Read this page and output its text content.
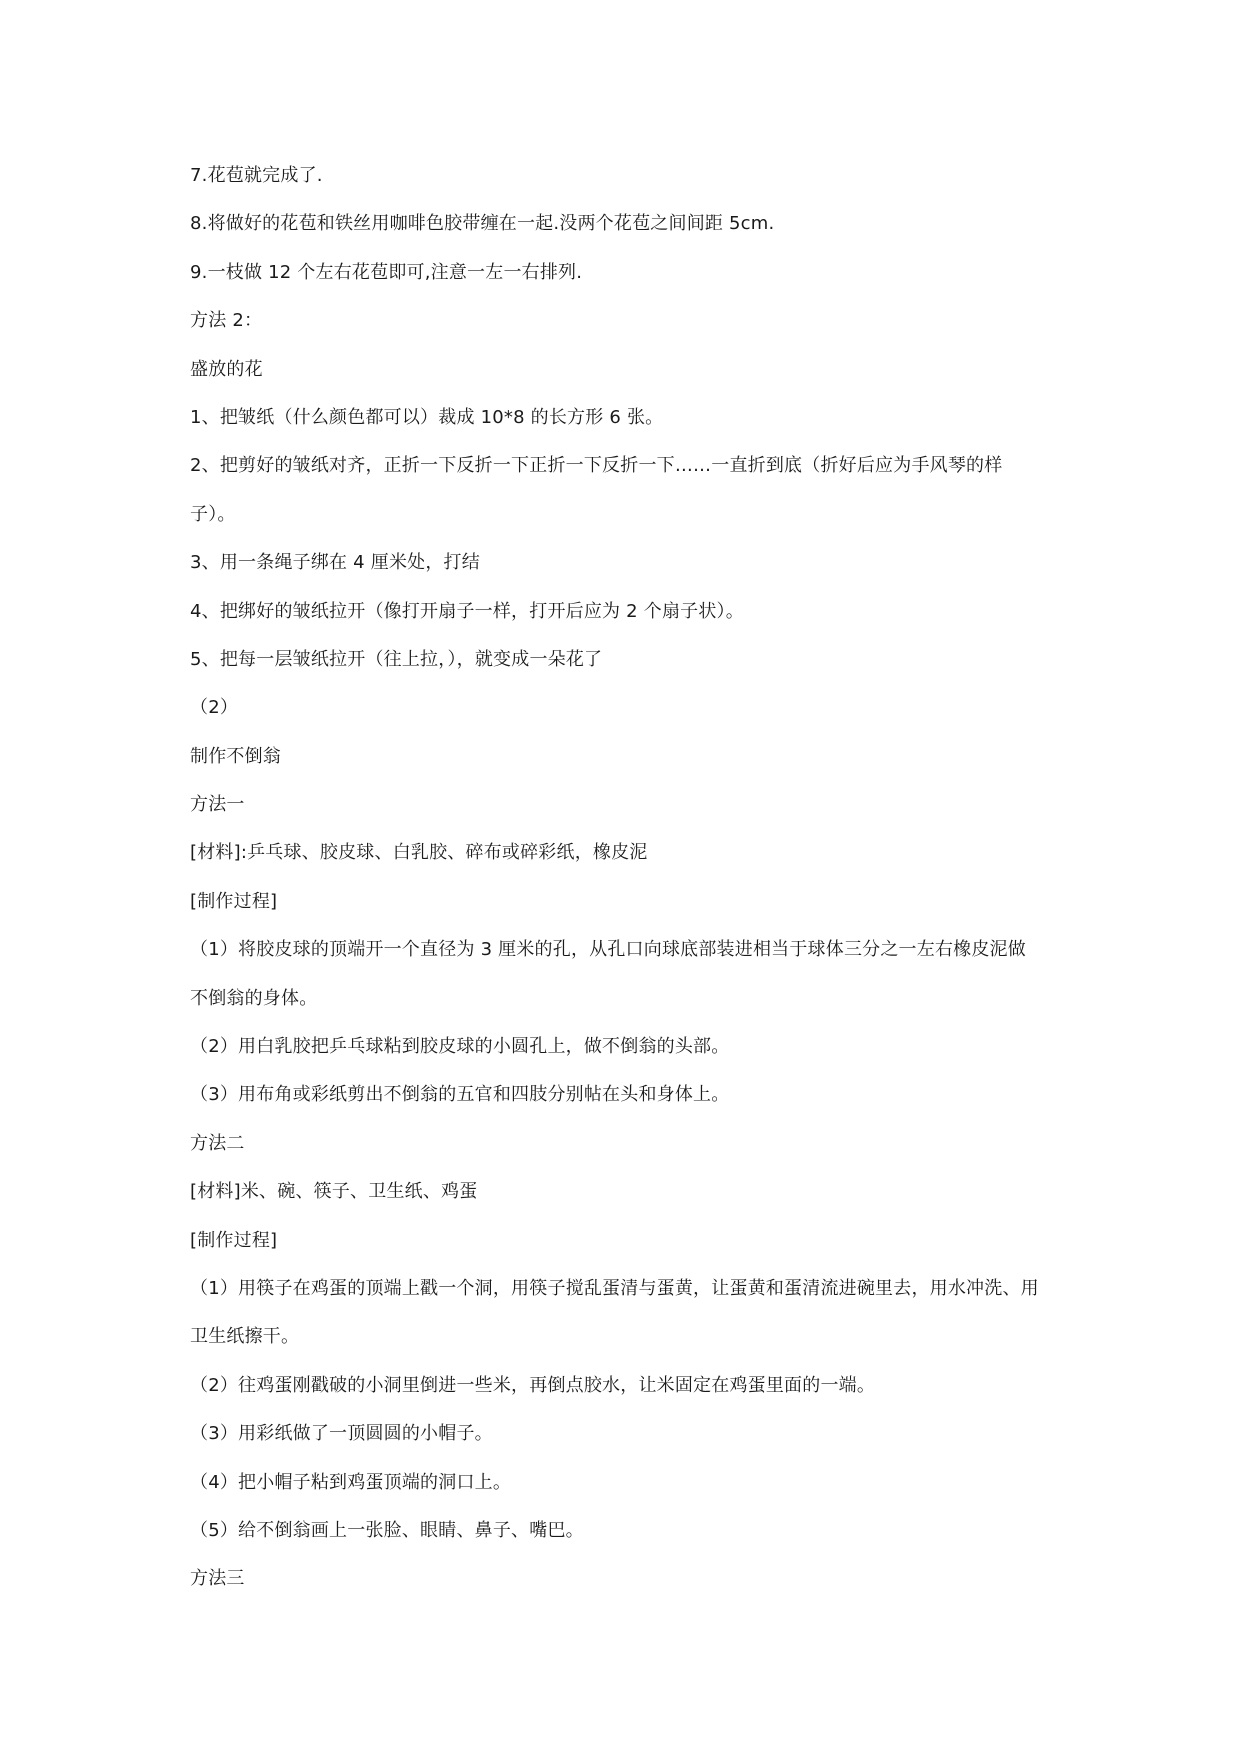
7.花苞就完成了.
8.将做好的花苞和铁丝用咖啡色胶带缠在一起.没两个花苞之间间距 5cm.
9.一枝做 12 个左右花苞即可,注意一左一右排列.
方法 2：
盛放的花
1、把皱纸（什么颜色都可以）裁成 10*8 的长方形 6 张。
2、把剪好的皱纸对齐，正折一下反折一下正折一下反折一下……一直折到底（折好后应为手风琴的样
子）。
3、用一条绳子绑在 4 厘米处，打结
4、把绑好的皱纸拉开（像打开扇子一样，打开后应为 2 个扇子状）。
5、把每一层皱纸拉开（往上拉，），就变成一朵花了
（2）
制作不倒翁
方法一
[材料]:乒乓球、胶皮球、白乳胶、碎布或碎彩纸，橡皮泥
[制作过程]
（1）将胶皮球的顶端开一个直径为 3 厘米的孔，从孔口向球底部装进相当于球体三分之一左右橡皮泥做
不倒翁的身体。
（2）用白乳胶把乒乓球粘到胶皮球的小圆孔上，做不倒翁的头部。
（3）用布角或彩纸剪出不倒翁的五官和四肢分别帖在头和身体上。
方法二
[材料]米、碗、筷子、卫生纸、鸡蛋
[制作过程]
（1）用筷子在鸡蛋的顶端上戳一个洞，用筷子搅乱蛋清与蛋黄，让蛋黄和蛋清流进碗里去，用水冲洗、用
卫生纸擦干。
（2）往鸡蛋刚戳破的小洞里倒进一些米，再倒点胶水，让米固定在鸡蛋里面的一端。
（3）用彩纸做了一顶圆圆的小帽子。
（4）把小帽子粘到鸡蛋顶端的洞口上。
（5）给不倒翁画上一张脸、眼睛、鼻子、嘴巴。
方法三
